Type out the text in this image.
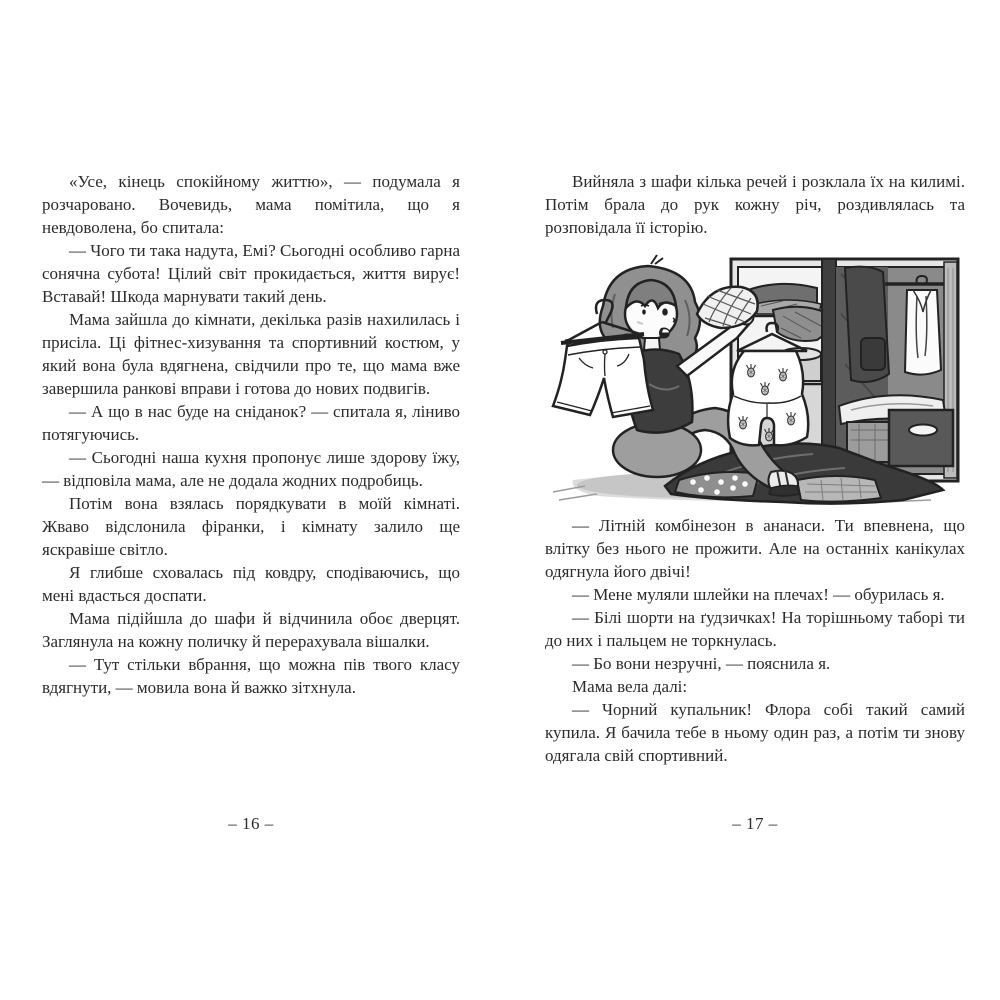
«Усе, кінець спокійному життю», — подумала я розчаровано. Вочевидь, мама помітила, що я невдоволена, бо спитала:

— Чого ти така надута, Емі? Сьогодні особливо гарна сонячна субота! Цілий світ прокидається, життя вирує! Вставай! Шкода марнувати такий день.

Мама зайшла до кімнати, декілька разів нахилилась і присіла. Ці фітнес-хизування та спортивний костюм, у який вона була вдягнена, свідчили про те, що мама вже завершила ранкові вправи і готова до нових подвигів.

— А що в нас буде на сніданок? — спитала я, ліниво потягуючись.

— Сьогодні наша кухня пропонує лише здорову їжу, — відповіла мама, але не додала жодних подробиць.

Потім вона взялась порядкувати в моїй кімнаті. Жваво відслонила фіранки, і кімнату залило ще яскравіше світло.

Я глибше сховалась під ковдру, сподіваючись, що мені вдасться доспати.

Мама підійшла до шафи й відчинила обоє дверцят. Заглянула на кожну поличку й перерахувала вішалки.

— Тут стільки вбрання, що можна пів твого класу вдягнути, — мовила вона й важко зітхнула.

– 16 –

Вийняла з шафи кілька речей і розклала їх на килимі. Потім брала до рук кожну річ, роздивлялась та розповідала її історію.

— Літній комбінезон в ананаси. Ти впевнена, що влітку без нього не прожити. Але на останніх канікулах одягнула його двічі!

— Мене муляли шлейки на плечах! — обурилась я.

— Білі шорти на ґудзичках! На торішньому таборі ти до них і пальцем не торкнулась.

— Бо вони незручні, — пояснила я.

Мама вела далі:

— Чорний купальник! Флора собі такий самий купила. Я бачила тебе в ньому один раз, а потім ти знову одягала свій спортивний.

– 17 –
